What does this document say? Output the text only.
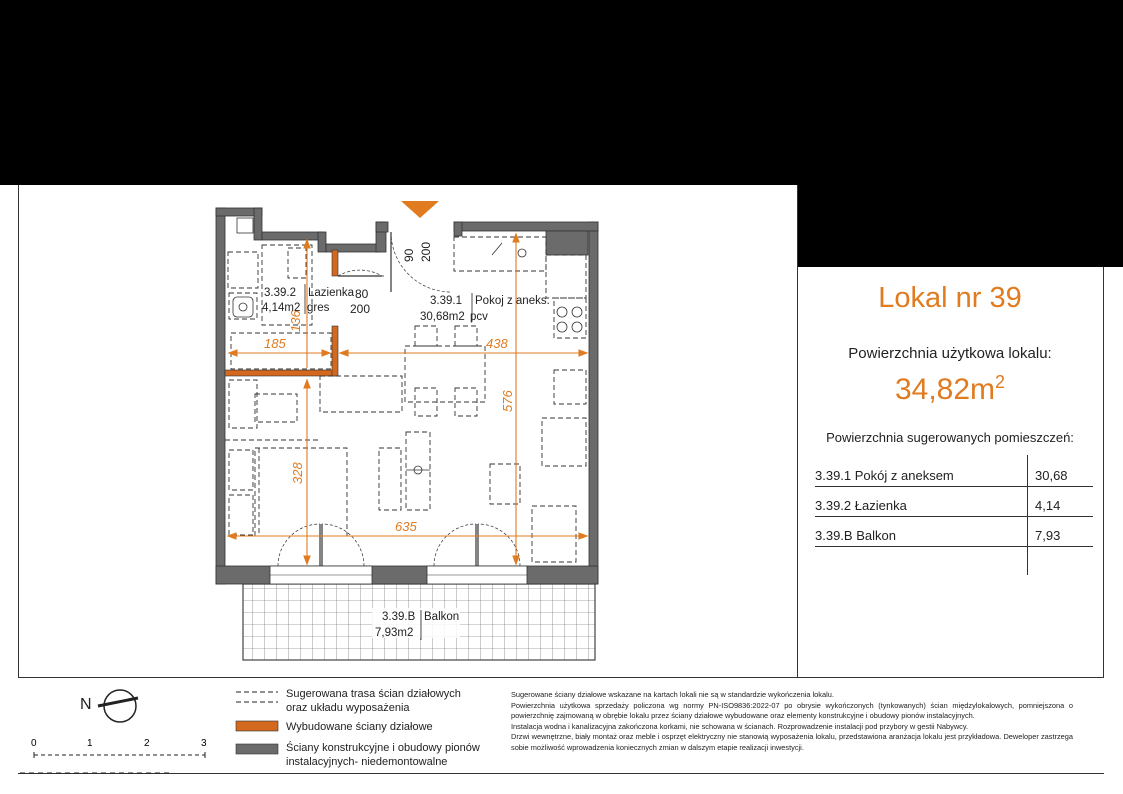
185	438
635
576
328
136
90 200
80
200
3.39.2 Lazienka
4,14m2 gres
3.39.1 Pokoj z aneks.
30,68m2 pcv
3.39.B Balkon
7,93m2
Lokal nr 39
Powierzchnia użytkowa lokalu:
$34,82m^2$
Powierzchnia sugerowanych pomieszczeń:
3.39.1 Pokój z aneksem	30,68
3.39.2 Łazienka	4,14
3.39.B Balkon	7,93
N
0	1	2	3
Sugerowana trasa ścian działowych
oraz układu wyposażenia
Wybudowane ściany działowe
Ściany konstrukcyjne i obudowy pionów
instalacyjnych- niedemontowalne

Sugerowane ściany działowe wskazane na kartach lokali nie są w standardzie wykończenia lokalu.

Powierzchnia użytkowa sprzedaży policzona wg normy PN-ISO9836:2022-07 po obrysie wykończonych (tynkowanych) ścian międzylokalowych, pomniejszona o powierzchnię zajmowaną w obrębie lokalu przez ściany działowe wybudowane oraz elementy konstrukcyjne i obudowy pionów instalacyjnych.

Instalacja wodna i kanalizacyjna zakończona korkami, nie schowana w ścianach. Rozprowadzenie instalacji pod przybory w gestii Nabywcy.

Drzwi wewnętrzne, biały montaż oraz meble i osprzęt elektryczny nie stanowią wyposażenia lokalu, przedstawiona aranżacja lokalu jest przykładowa. Deweloper zastrzega sobie możliwość wprowadzenia koniecznych zmian w dalszym etapie realizacji inwestycji.
